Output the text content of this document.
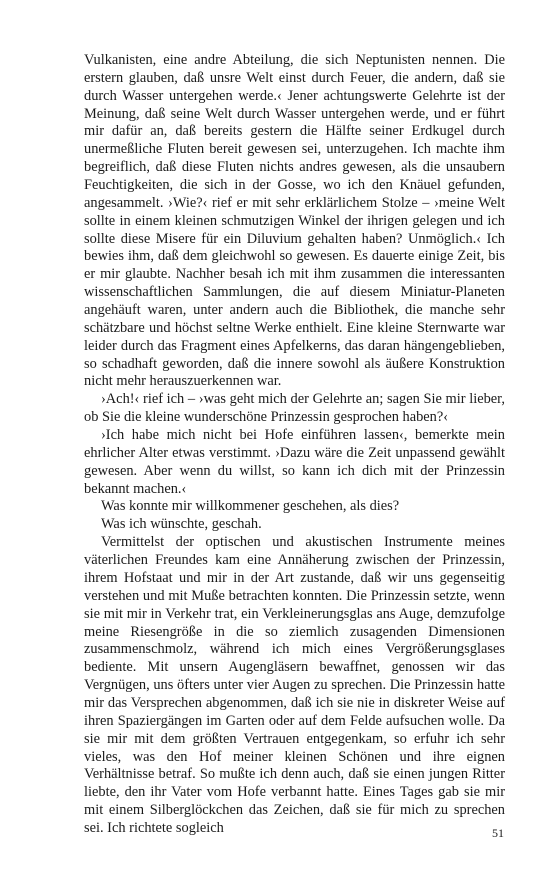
Vulkanisten, eine andre Abteilung, die sich Neptunisten nennen. Die erstern glauben, daß unsre Welt einst durch Feuer, die andern, daß sie durch Wasser untergehen werde.‹ Jener achtungswerte Gelehrte ist der Meinung, daß seine Welt durch Wasser untergehen werde, und er führt mir dafür an, daß bereits gestern die Hälfte seiner Erdkugel durch unermeßliche Fluten bereit gewesen sei, unterzugehen. Ich machte ihm begreiflich, daß diese Fluten nichts andres gewesen, als die unsaubern Feuchtigkeiten, die sich in der Gosse, wo ich den Knäuel gefunden, angesammelt. ›Wie?‹ rief er mit sehr erklärlichem Stolze – ›meine Welt sollte in einem kleinen schmutzigen Winkel der ihrigen gelegen und ich sollte diese Misere für ein Diluvium gehalten haben? Unmöglich.‹ Ich bewies ihm, daß dem gleichwohl so gewesen. Es dauerte einige Zeit, bis er mir glaubte. Nachher besah ich mit ihm zusammen die interessanten wissenschaftlichen Sammlungen, die auf diesem Miniatur-Planeten angehäuft waren, unter andern auch die Bibliothek, die manche sehr schätzbare und höchst seltne Werke enthielt. Eine kleine Sternwarte war leider durch das Fragment eines Apfelkerns, das daran hängengeblieben, so schadhaft geworden, daß die innere sowohl als äußere Konstruktion nicht mehr herauszuerkennen war.

›Ach!‹ rief ich – ›was geht mich der Gelehrte an; sagen Sie mir lieber, ob Sie die kleine wunderschöne Prinzessin gesprochen haben?‹

›Ich habe mich nicht bei Hofe einführen lassen‹, bemerkte mein ehrlicher Alter etwas verstimmt. ›Dazu wäre die Zeit unpassend gewählt gewesen. Aber wenn du willst, so kann ich dich mit der Prinzessin bekannt machen.‹

Was konnte mir willkommener geschehen, als dies?

Was ich wünschte, geschah.

Vermittelst der optischen und akustischen Instrumente meines väterlichen Freundes kam eine Annäherung zwischen der Prinzessin, ihrem Hofstaat und mir in der Art zustande, daß wir uns gegenseitig verstehen und mit Muße betrachten konnten. Die Prinzessin setzte, wenn sie mit mir in Verkehr trat, ein Verkleinerungsglas ans Auge, demzufolge meine Riesengröße in die so ziemlich zusagenden Dimensionen zusammenschmolz, während ich mich eines Vergrößerungsglases bediente. Mit unsern Augengläsern bewaffnet, genossen wir das Vergnügen, uns öfters unter vier Augen zu sprechen. Die Prinzessin hatte mir das Versprechen abgenommen, daß ich sie nie in diskreter Weise auf ihren Spaziergängen im Garten oder auf dem Felde aufsuchen wolle. Da sie mir mit dem größten Vertrauen entgegenkam, so erfuhr ich sehr vieles, was den Hof meiner kleinen Schönen und ihre eignen Verhältnisse betraf. So mußte ich denn auch, daß sie einen jungen Ritter liebte, den ihr Vater vom Hofe verbannt hatte. Eines Tages gab sie mir mit einem Silberglöckchen das Zeichen, daß sie für mich zu sprechen sei. Ich richtete sogleich	51
